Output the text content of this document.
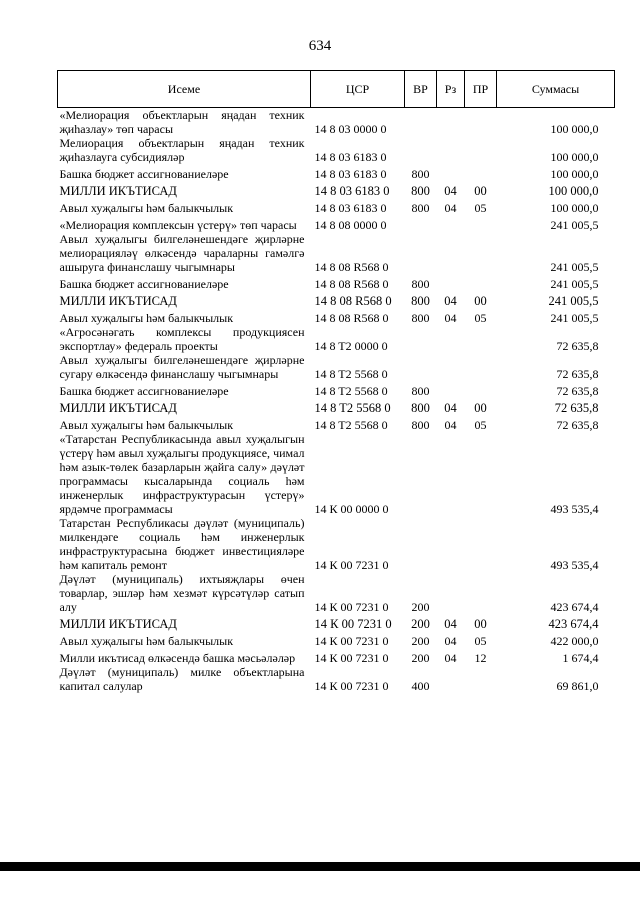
634
Исеме	ЦСР	ВР	Рз	ПР	Суммасы
«Мелиорация объектларын яңадан техник җиһазлау» төп чарасы	14 8 03 0000 0				100 000,0
Мелиорация объектларын яңадан техник җиһазлауга субсидияләр	14 8 03 6183 0				100 000,0
Башка бюджет ассигнованиеләре	14 8 03 6183 0	800			100 000,0
МИЛЛИ ИКЪТИСАД	14 8 03 6183 0	800	04	00	100 000,0
Авыл хуҗалыгы һәм балыкчылык	14 8 03 6183 0	800	04	05	100 000,0
«Мелиорация комплексын үстерү» төп чарасы	14 8 08 0000 0				241 005,5
Авыл хуҗалыгы билгеләнешендәге җирләрне мелиорацияләү өлкәсендә чараларны гамәлгә ашыруга финанслашу чыгымнары	14 8 08 R568 0				241 005,5
Башка бюджет ассигнованиеләре	14 8 08 R568 0	800			241 005,5
МИЛЛИ ИКЪТИСАД	14 8 08 R568 0	800	04	00	241 005,5
Авыл хуҗалыгы һәм балыкчылык	14 8 08 R568 0	800	04	05	241 005,5
«Агросәнәгать комплексы продукциясен экспортлау» федераль проекты	14 8 T2 0000 0				72 635,8
Авыл хуҗалыгы билгеләнешендәге җирләрне сугару өлкәсендә финанслашу чыгымнары	14 8 T2 5568 0				72 635,8
Башка бюджет ассигнованиеләре	14 8 T2 5568 0	800			72 635,8
МИЛЛИ ИКЪТИСАД	14 8 T2 5568 0	800	04	00	72 635,8
Авыл хуҗалыгы һәм балыкчылык	14 8 T2 5568 0	800	04	05	72 635,8
«Татарстан Республикасында авыл хуҗалыгын үстерү һәм авыл хуҗалыгы продукциясе, чимал һәм азык-төлек базарларын җайга салу» дәүләт программасы кысаларында социаль һәм инженерлык инфраструктурасын үстерү» ярдәмче программасы	14 К 00 0000 0				493 535,4
Татарстан Республикасы дәүләт (муниципаль) милкендәге социаль һәм инженерлык инфраструктурасына бюджет инвестицияләре һәм капиталь ремонт	14 К 00 7231 0				493 535,4
Дәүләт (муниципаль) ихтыяҗлары өчен товарлар, эшләр һәм хезмәт күрсәтүләр сатып алу	14 К 00 7231 0	200			423 674,4
МИЛЛИ ИКЪТИСАД	14 К 00 7231 0	200	04	00	423 674,4
Авыл хуҗалыгы һәм балыкчылык	14 К 00 7231 0	200	04	05	422 000,0
Милли икътисад өлкәсендә башка мәсьәләләр	14 К 00 7231 0	200	04	12	1 674,4
Дәүләт (муниципаль) милке объектларына капитал салулар	14 К 00 7231 0	400			69 861,0
